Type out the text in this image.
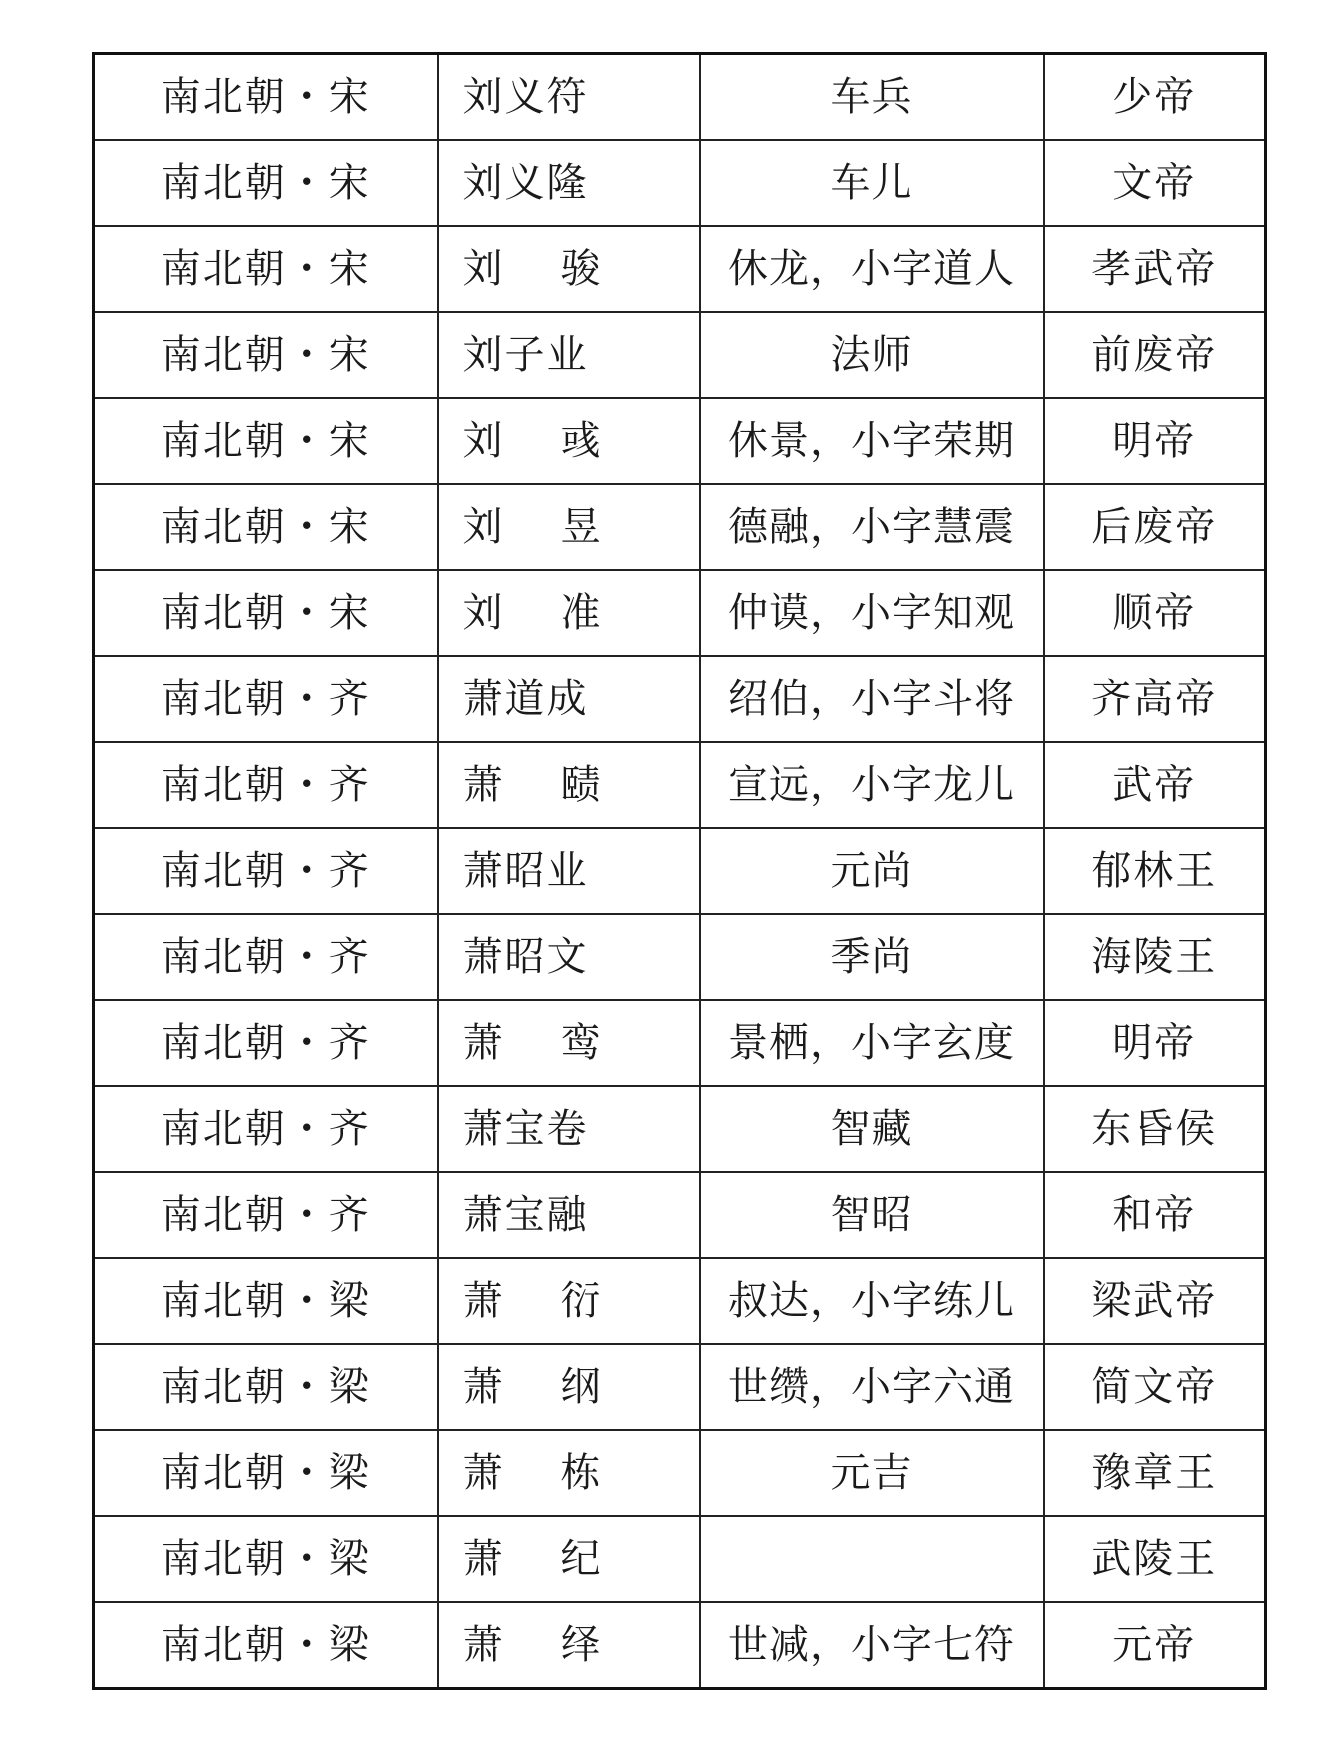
南北朝・宋	刘义符	车兵	少帝
南北朝・宋	刘义隆	车儿	文帝
南北朝・宋	刘 骏	休龙，小字道人	孝武帝
南北朝・宋	刘子业	法师	前废帝
南北朝・宋	刘 彧	休景，小字荣期	明帝
南北朝・宋	刘 昱	德融，小字慧震	后废帝
南北朝・宋	刘 准	仲谟，小字知观	顺帝
南北朝・齐	萧道成	绍伯，小字斗将	齐高帝
南北朝・齐	萧 赜	宣远，小字龙儿	武帝
南北朝・齐	萧昭业	元尚	郁林王
南北朝・齐	萧昭文	季尚	海陵王
南北朝・齐	萧 鸾	景栖，小字玄度	明帝
南北朝・齐	萧宝卷	智藏	东昏侯
南北朝・齐	萧宝融	智昭	和帝
南北朝・梁	萧 衍	叔达，小字练儿	梁武帝
南北朝・梁	萧 纲	世缵，小字六通	简文帝
南北朝・梁	萧 栋	元吉	豫章王
南北朝・梁	萧 纪		武陵王
南北朝・梁	萧 绎	世减，小字七符	元帝
